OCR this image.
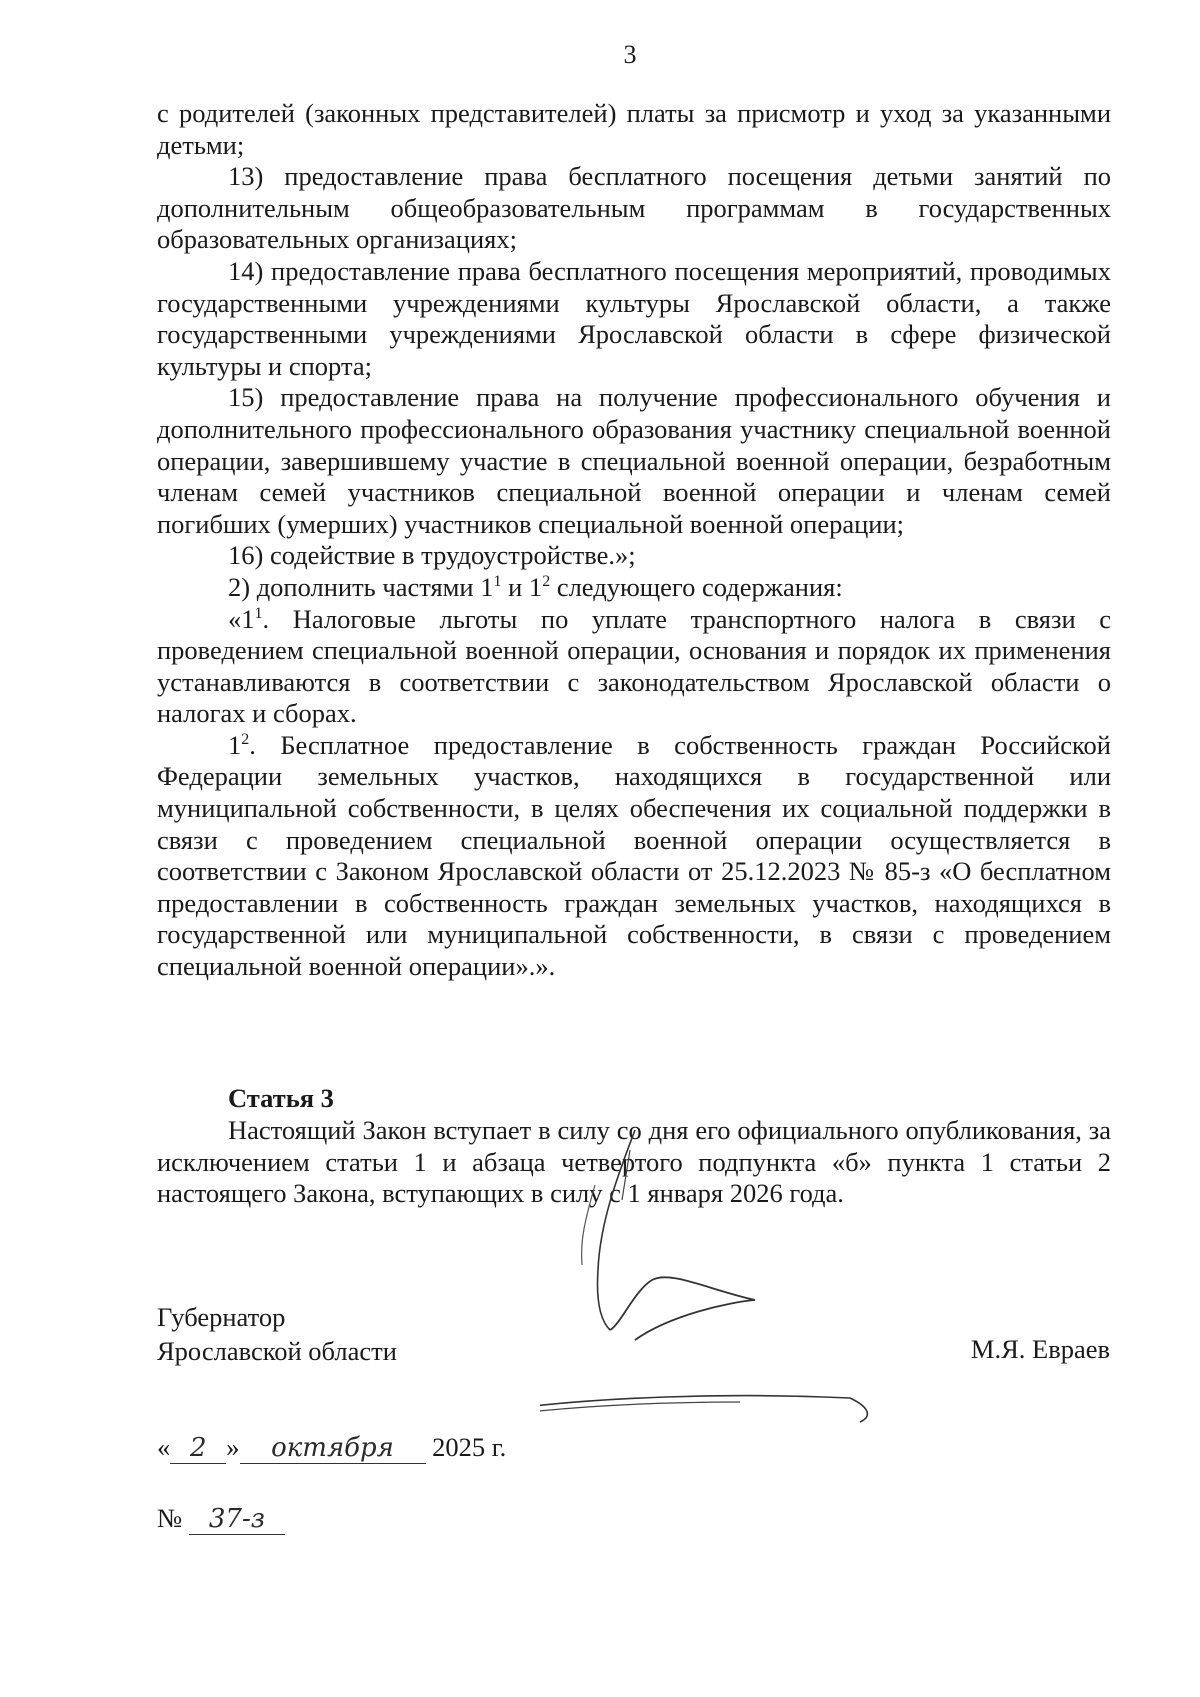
3

с родителей (законных представителей) платы за присмотр и уход за указанными детьми;

13) предоставление права бесплатного посещения детьми занятий по дополнительным общеобразовательным программам в государственных образовательных организациях;

14) предоставление права бесплатного посещения мероприятий, проводимых государственными учреждениями культуры Ярославской области, а также государственными учреждениями Ярославской области в сфере физической культуры и спорта;

15) предоставление права на получение профессионального обучения и дополнительного профессионального образования участнику специальной военной операции, завершившему участие в специальной военной операции, безработным членам семей участников специальной военной операции и членам семей погибших (умерших) участников специальной военной операции;

16) содействие в трудоустройстве.»;

2) дополнить частями $1^1$ и $1^2$ следующего содержания:

«$1^1$. Налоговые льготы по уплате транспортного налога в связи с проведением специальной военной операции, основания и порядок их применения устанавливаются в соответствии с законодательством Ярославской области о налогах и сборах.

$1^2$. Бесплатное предоставление в собственность граждан Российской Федерации земельных участков, находящихся в государственной или муниципальной собственности, в целях обеспечения их социальной поддержки в связи с проведением специальной военной операции осуществляется в соответствии с Законом Ярославской области от 25.12.2023 № 85-з «О бесплатном предоставлении в собственность граждан земельных участков, находящихся в государственной или муниципальной собственности, в связи с проведением специальной военной операции».».

Статья 3

Настоящий Закон вступает в силу со дня его официального опубликования, за исключением статьи 1 и абзаца четвертого подпункта «б» пункта 1 статьи 2 настоящего Закона, вступающих в силу с 1 января 2026 года.

Губернатор
Ярославской области	М.Я. Евраев
« 2 » октября 2025 г.
№ 37-з
